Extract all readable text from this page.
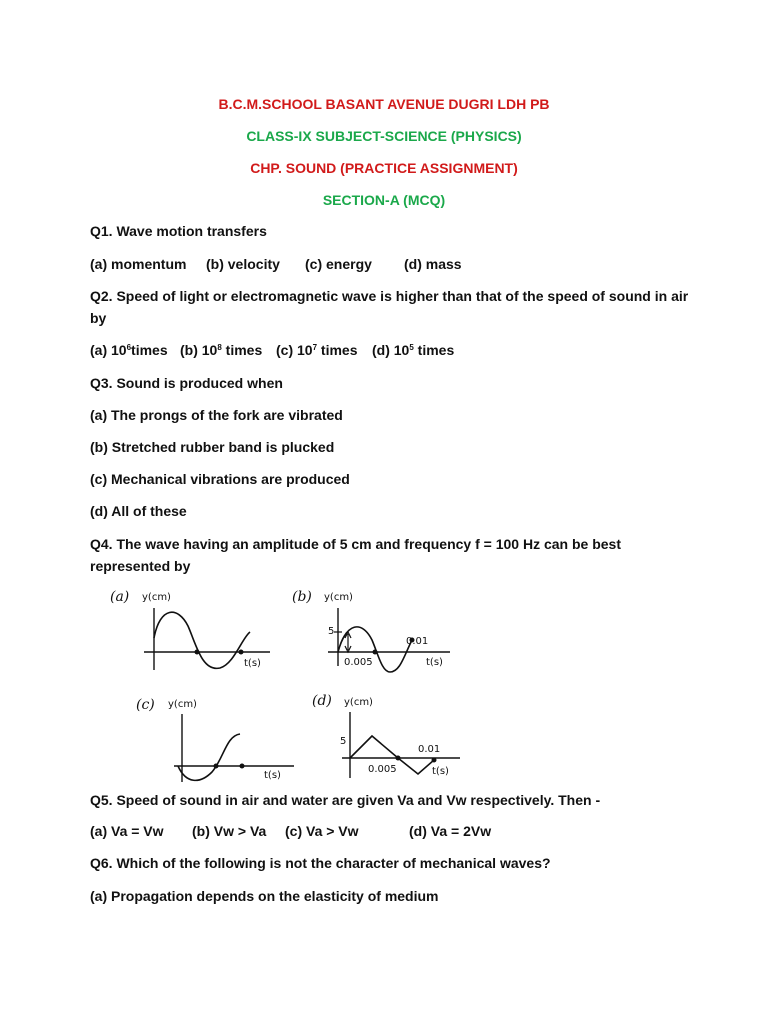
B.C.M.SCHOOL BASANT AVENUE DUGRI LDH PB
CLASS-IX SUBJECT-SCIENCE (PHYSICS)
CHP. SOUND (PRACTICE ASSIGNMENT)
SECTION-A (MCQ)
Q1. Wave motion transfers
(a) momentum (b) velocity (c) energy (d) mass
Q2. Speed of light or electromagnetic wave is higher than that of the speed of sound in air by
(a) $10^6times$ (b) $10^8$ times (c) $10^7$ times (d) $10^5$ times
Q3. Sound is produced when
(a) The prongs of the fork are vibrated
(b) Stretched rubber band is plucked
(c) Mechanical vibrations are produced
(d) All of these
Q4. The wave having an amplitude of 5 cm and frequency f = 100 Hz can be best represented by
(a) y(cm)
t(s)
(b) y(cm)
5
0.005
0.01
t(s)
(c) y(cm)
t(s)
(d) y(cm)
5
0.005
0.01
t(s)
Q5. Speed of sound in air and water are given Va and Vw respectively. Then -
(a) Va = Vw (b) Vw > Va (c) Va > Vw	(d) Va = 2Vw
Q6. Which of the following is not the character of mechanical waves?
(a) Propagation depends on the elasticity of medium
